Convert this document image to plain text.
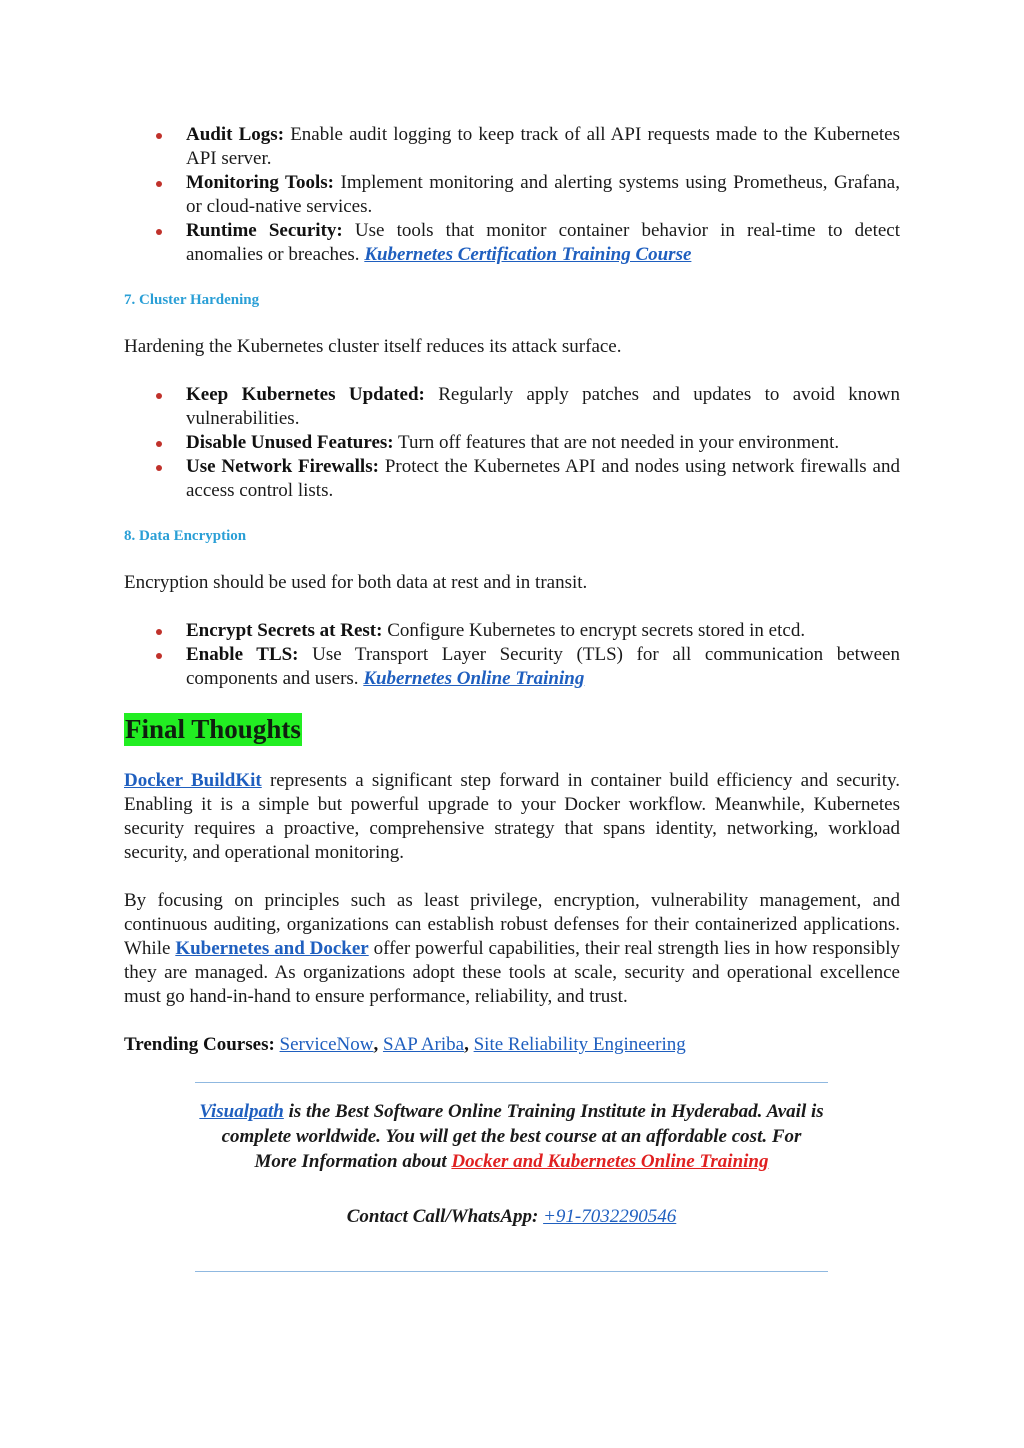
Audit Logs: Enable audit logging to keep track of all API requests made to the Kubernetes API server.
Monitoring Tools: Implement monitoring and alerting systems using Prometheus, Grafana, or cloud-native services.
Runtime Security: Use tools that monitor container behavior in real-time to detect anomalies or breaches. Kubernetes Certification Training Course
7. Cluster Hardening

Hardening the Kubernetes cluster itself reduces its attack surface.

Keep Kubernetes Updated: Regularly apply patches and updates to avoid known vulnerabilities.
Disable Unused Features: Turn off features that are not needed in your environment.
Use Network Firewalls: Protect the Kubernetes API and nodes using network firewalls and access control lists.
8. Data Encryption

Encryption should be used for both data at rest and in transit.

Encrypt Secrets at Rest: Configure Kubernetes to encrypt secrets stored in etcd.
Enable TLS: Use Transport Layer Security (TLS) for all communication between components and users. Kubernetes Online Training
Final Thoughts

Docker BuildKit represents a significant step forward in container build efficiency and security. Enabling it is a simple but powerful upgrade to your Docker workflow. Meanwhile, Kubernetes security requires a proactive, comprehensive strategy that spans identity, networking, workload security, and operational monitoring.

By focusing on principles such as least privilege, encryption, vulnerability management, and continuous auditing, organizations can establish robust defenses for their containerized applications. While Kubernetes and Docker offer powerful capabilities, their real strength lies in how responsibly they are managed. As organizations adopt these tools at scale, security and operational excellence must go hand-in-hand to ensure performance, reliability, and trust.

Trending Courses: ServiceNow, SAP Ariba, Site Reliability Engineering

Visualpath is the Best Software Online Training Institute in Hyderabad. Avail is complete worldwide. You will get the best course at an affordable cost. For More Information about Docker and Kubernetes Online Training
Contact Call/WhatsApp: +91-7032290546
